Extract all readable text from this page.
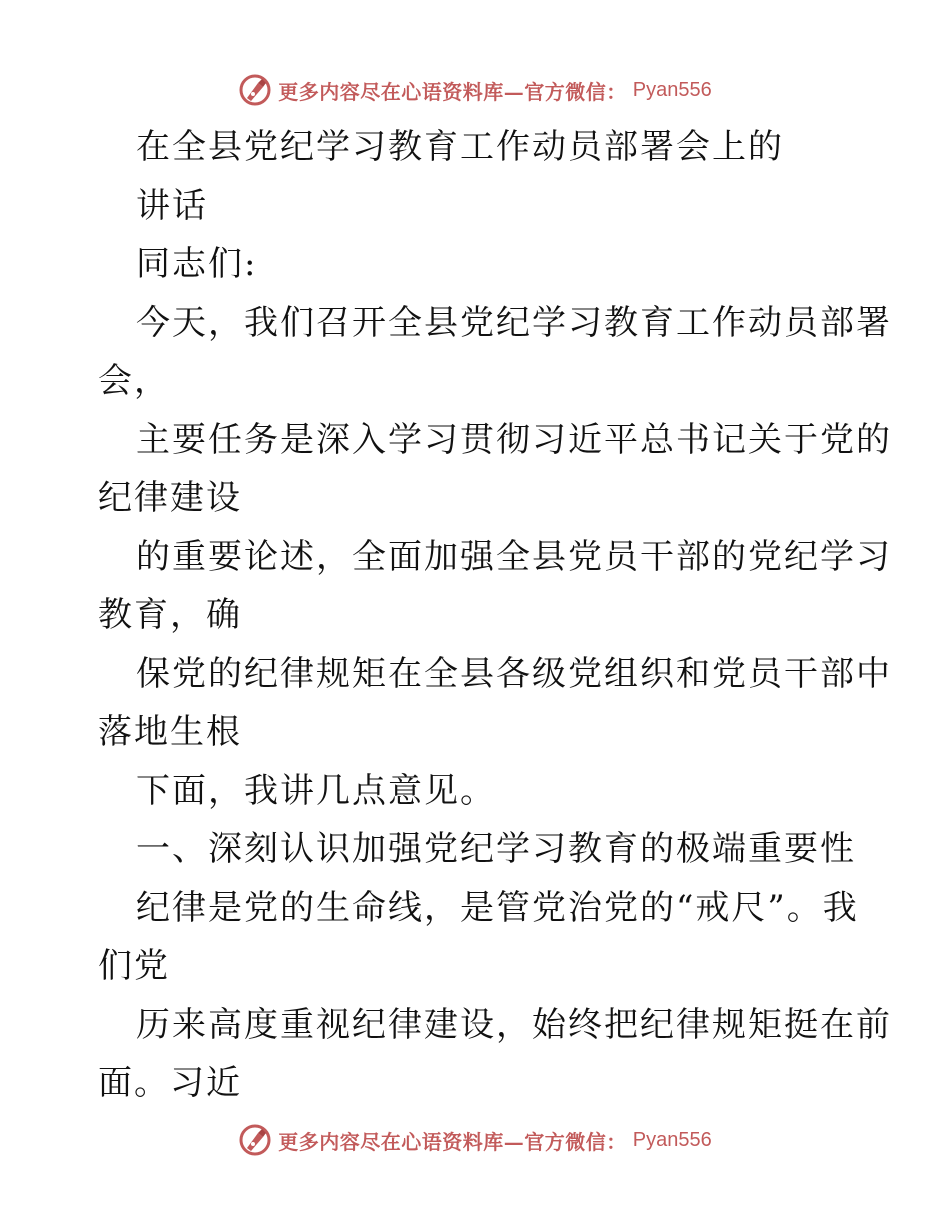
更多内容尽在心语资料库—官方微信： Pyan556
在全县党纪学习教育工作动员部署会上的
讲话
同志们:
今天，我们召开全县党纪学习教育工作动员部署
会，
主要任务是深入学习贯彻习近平总书记关于党的
纪律建设
的重要论述，全面加强全县党员干部的党纪学习
教育，确
保党的纪律规矩在全县各级党组织和党员干部中
落地生根
下面，我讲几点意见。
一、深刻认识加强党纪学习教育的极端重要性
纪律是党的生命线，是管党治党的“戒尺”。我
们党
历来高度重视纪律建设，始终把纪律规矩挺在前
面。习近
更多内容尽在心语资料库—官方微信： Pyan556
